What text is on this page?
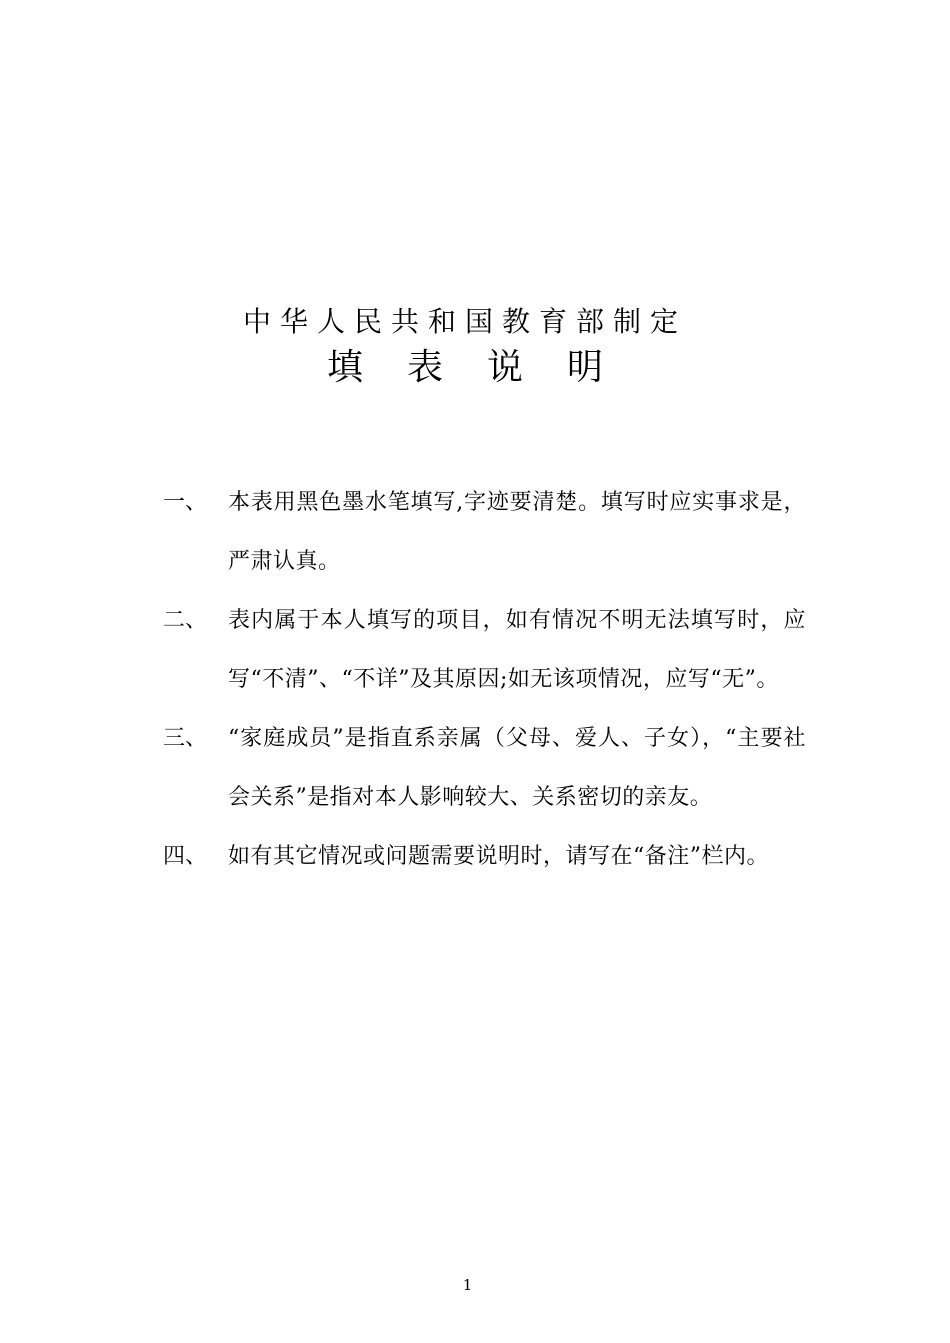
中华人民共和国教育部制定
填表说明
一、 本表用黑色墨水笔填写,字迹要清楚。填写时应实事求是，严肃认真。
二、 表内属于本人填写的项目，如有情况不明无法填写时，应写“不清”、“不详”及其原因;如无该项情况，应写“无”。
三、 “家庭成员”是指直系亲属（父母、爱人、子女），“主要社会关系”是指对本人影响较大、关系密切的亲友。
四、 如有其它情况或问题需要说明时，请写在“备注”栏内。
1
